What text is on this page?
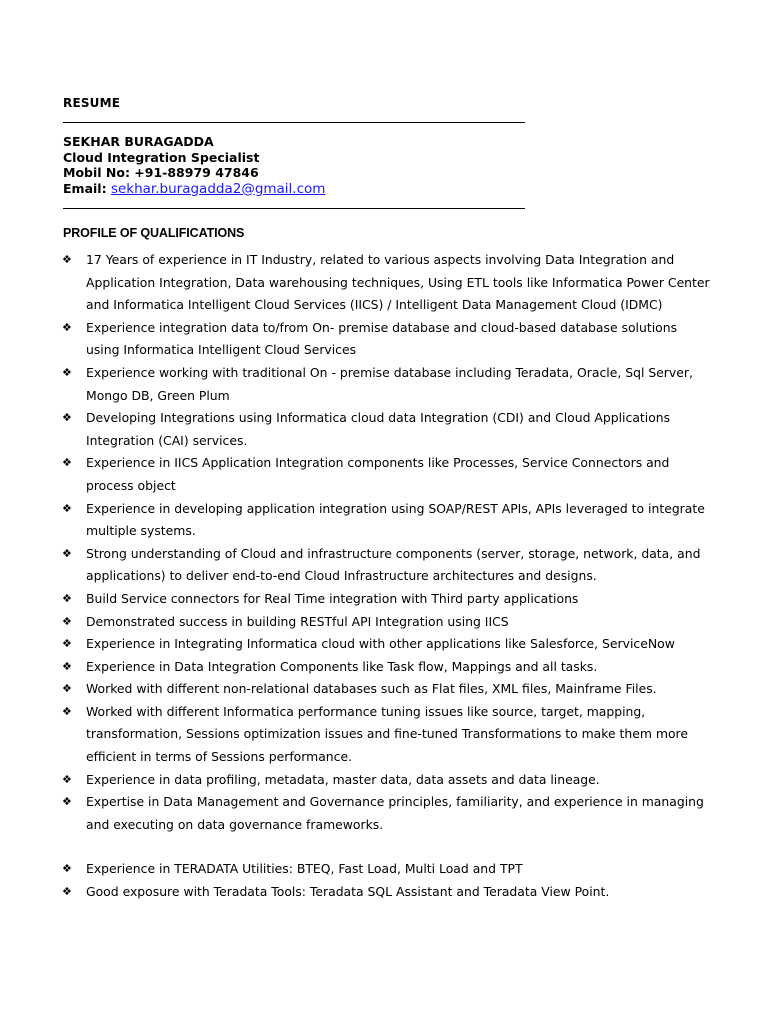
RESUME
SEKHAR BURAGADDA
Cloud Integration Specialist
Mobil No: +91-88979 47846
Email: sekhar.buragadda2@gmail.com
PROFILE OF QUALIFICATIONS
❖ 17 Years of experience in IT Industry, related to various aspects involving Data Integration and Application Integration, Data warehousing techniques, Using ETL tools like Informatica Power Center and Informatica Intelligent Cloud Services (IICS) / Intelligent Data Management Cloud (IDMC)
❖ Experience integration data to/from On- premise database and cloud-based database solutions using Informatica Intelligent Cloud Services
❖ Experience working with traditional On - premise database including Teradata, Oracle, Sql Server, Mongo DB, Green Plum
❖ Developing Integrations using Informatica cloud data Integration (CDI) and Cloud Applications Integration (CAI) services.
❖ Experience in IICS Application Integration components like Processes, Service Connectors and process object
❖ Experience in developing application integration using SOAP/REST APIs, APIs leveraged to integrate multiple systems.
❖ Strong understanding of Cloud and infrastructure components (server, storage, network, data, and applications) to deliver end-to-end Cloud Infrastructure architectures and designs.
❖ Build Service connectors for Real Time integration with Third party applications
❖ Demonstrated success in building RESTful API Integration using IICS
❖ Experience in Integrating Informatica cloud with other applications like Salesforce, ServiceNow
❖ Experience in Data Integration Components like Task flow, Mappings and all tasks.
❖ Worked with different non-relational databases such as Flat files, XML files, Mainframe Files.
❖ Worked with different Informatica performance tuning issues like source, target, mapping, transformation, Sessions optimization issues and fine-tuned Transformations to make them more efficient in terms of Sessions performance.
❖ Experience in data profiling, metadata, master data, data assets and data lineage.
❖ Expertise in Data Management and Governance principles, familiarity, and experience in managing and executing on data governance frameworks.
❖ Experience in TERADATA Utilities: BTEQ, Fast Load, Multi Load and TPT
❖ Good exposure with Teradata Tools: Teradata SQL Assistant and Teradata View Point.
